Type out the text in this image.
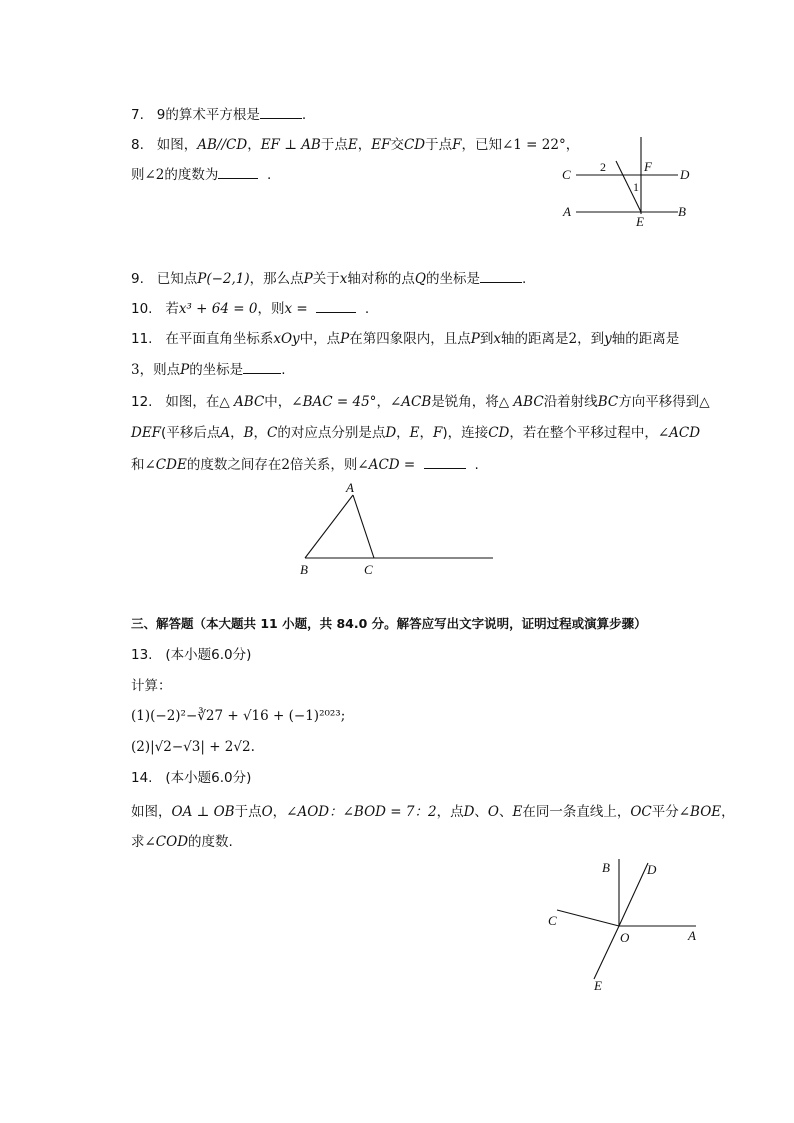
7. 9的算术平方根是	.
8. 如图，AB//CD，EF ⊥ AB于点E，EF交CD于点F，已知∠1 = 22°，
则∠2的度数为	.	C	D
A	B
E
F
1
2
9. 已知点P(−2,1)，那么点P关于x轴对称的点Q的坐标是	.
10. 若x³ + 64 = 0，则x =	.
11. 在平面直角坐标系xOy中，点P在第四象限内，且点P到x轴的距离是2，到y轴的距离是
3，则点P的坐标是	.
12. 如图，在△ ABC中，∠BAC = 45°，∠ACB是锐角，将△ ABC沿着射线BC方向平移得到△
DEF(平移后点A，B，C的对应点分别是点D，E，F)，连接CD，若在整个平移过程中，∠ACD
和∠CDE的度数之间存在2倍关系，则∠ACD =	.
A
B	C
三、解答题（本大题共 11 小题，共 84.0 分。解答应写出文字说明，证明过程或演算步骤）
13. (本小题6.0分)
计算：
(1)(−2)²−∛27 + √16 + (−1)²⁰²³;
(2)|√2−√3| + 2√2.
14. (本小题6.0分)
如图，OA ⊥ OB于点O，∠AOD：∠BOD = 7：2，点D、O、E在同一条直线上，OC平分∠BOE，
求∠COD的度数.
B	D
C
O	A
E
